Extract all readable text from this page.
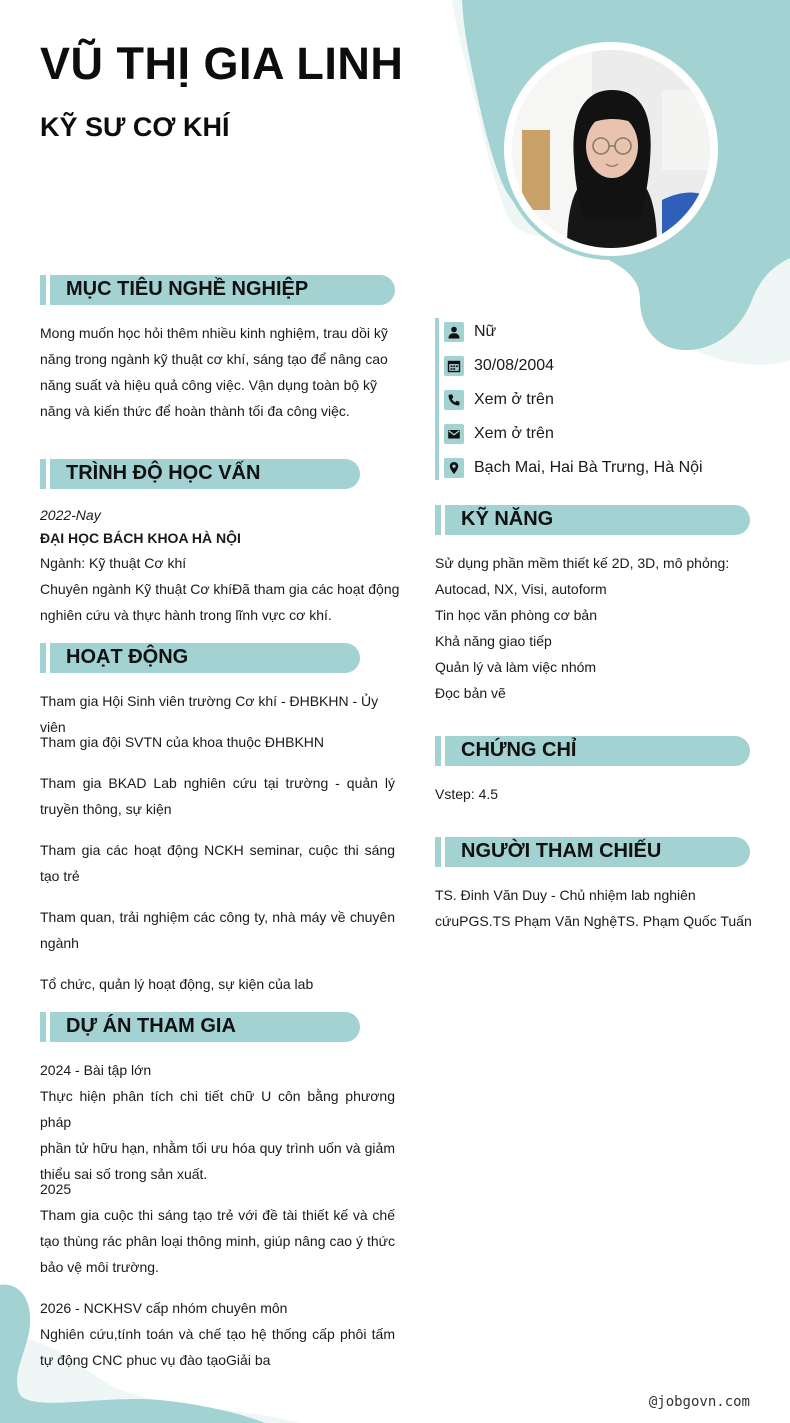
VŨ THỊ GIA LINH
KỸ SƯ CƠ KHÍ
MỤC TIÊU NGHỀ NGHIỆP
Mong muốn học hỏi thêm nhiều kinh nghiệm, trau dồi kỹ
năng trong ngành kỹ thuật cơ khí, sáng tạo để nâng cao
năng suất và hiệu quả công việc. Vận dụng toàn bộ kỹ
năng và kiến thức để hoàn thành tối đa công việc.
TRÌNH ĐỘ HỌC VẤN
2022-Nay
ĐẠI HỌC BÁCH KHOA HÀ NỘI
Ngành: Kỹ thuật Cơ khí
Chuyên ngành Kỹ thuật Cơ khíĐã tham gia các hoạt động
nghiên cứu và thực hành trong lĩnh vực cơ khí.
HOẠT ĐỘNG
Tham gia Hội Sinh viên trường Cơ khí - ĐHBKHN - Ủy viên
Tham gia đội SVTN của khoa thuộc ĐHBKHN
Tham gia BKAD Lab nghiên cứu tại trường - quản lý
truyền thông, sự kiện
Tham gia các hoạt động NCKH seminar, cuộc thi sáng
tạo trẻ
Tham quan, trải nghiệm các công ty, nhà máy về chuyên
ngành
Tổ chức, quản lý hoạt động, sự kiện của lab
DỰ ÁN THAM GIA
2024 - Bài tập lớn
Thực hiện phân tích chi tiết chữ U côn bằng phương pháp
phần tử hữu hạn, nhằm tối ưu hóa quy trình uốn và giảm
thiểu sai số trong sản xuất.
2025
Tham gia cuộc thi sáng tạo trẻ với đề tài thiết kế và chế
tạo thùng rác phân loại thông minh, giúp nâng cao ý thức
bảo vệ môi trường.
2026 - NCKHSV cấp nhóm chuyên môn
Nghiên cứu,tính toán và chế tạo hệ thống cấp phôi tấm
tự động CNC phuc vụ đào tạoGiải ba
Nữ
30/08/2004
Xem ở trên
Xem ở trên
Bạch Mai, Hai Bà Trưng, Hà Nội
KỸ NĂNG
Sử dụng phần mềm thiết kế 2D, 3D, mô phỏng:
Autocad, NX, Visi, autoform
Tin học văn phòng cơ bản
Khả năng giao tiếp
Quản lý và làm việc nhóm
Đọc bản vẽ
CHỨNG CHỈ
Vstep: 4.5
NGƯỜI THAM CHIẾU
TS. Đinh Văn Duy - Chủ nhiệm lab nghiên
cứuPGS.TS Phạm Văn NghệTS. Phạm Quốc Tuấn
@jobgovn.com
